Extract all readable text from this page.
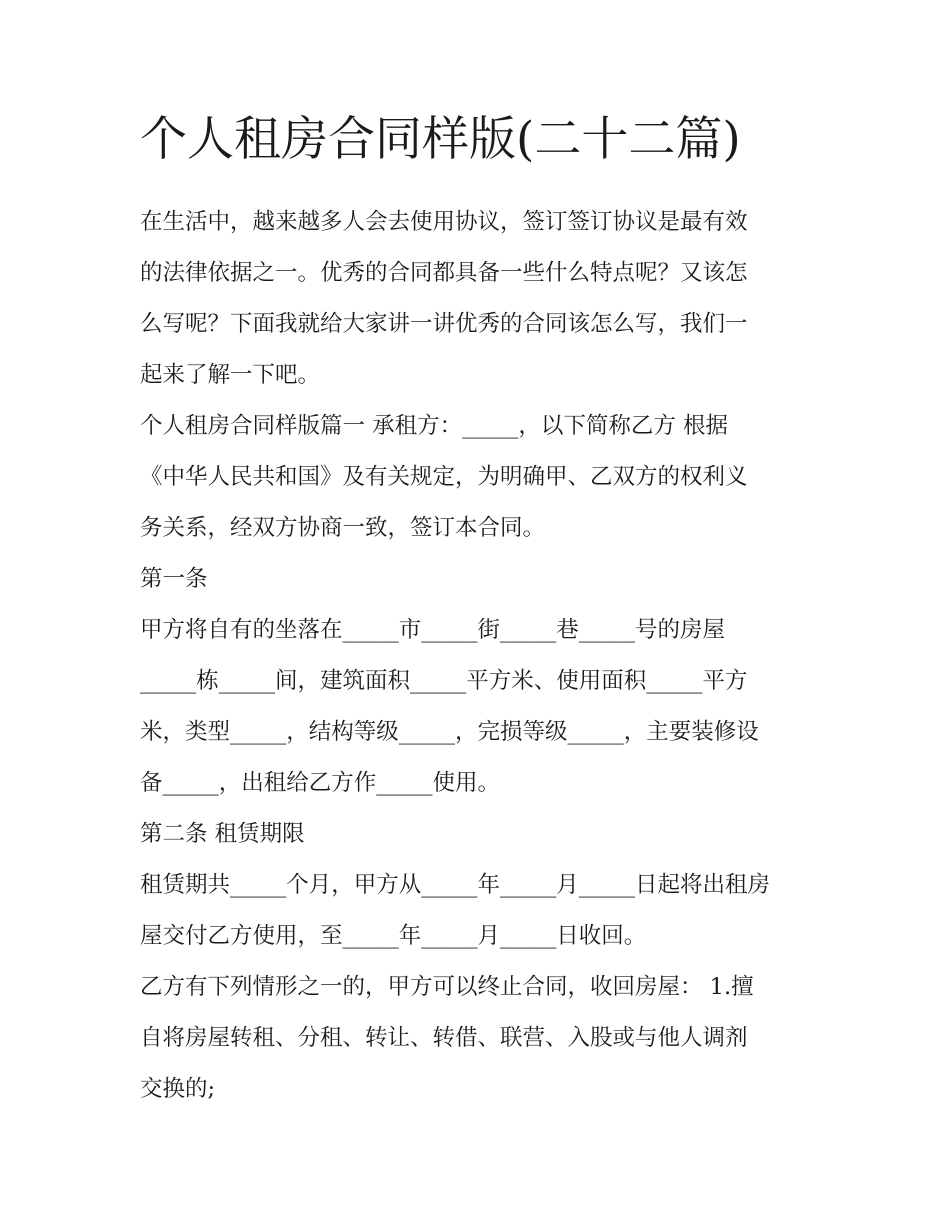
个人租房合同样版(二十二篇)

在生活中，越来越多人会去使用协议，签订签订协议是最有效

的法律依据之一。优秀的合同都具备一些什么特点呢？又该怎

么写呢？下面我就给大家讲一讲优秀的合同该怎么写，我们一

起来了解一下吧。

个人租房合同样版篇一 承租方：_____，以下简称乙方 根据

《中华人民共和国》及有关规定，为明确甲、乙双方的权利义

务关系，经双方协商一致，签订本合同。

第一条

甲方将自有的坐落在_____市_____街_____巷_____号的房屋

_____栋_____间，建筑面积_____平方米、使用面积_____平方

米，类型_____，结构等级_____，完损等级_____，主要装修设

备_____，出租给乙方作_____使用。

第二条 租赁期限

租赁期共_____个月，甲方从_____年_____月_____日起将出租房

屋交付乙方使用，至_____年_____月_____日收回。

乙方有下列情形之一的，甲方可以终止合同，收回房屋： 1.擅

自将房屋转租、分租、转让、转借、联营、入股或与他人调剂

交换的;
